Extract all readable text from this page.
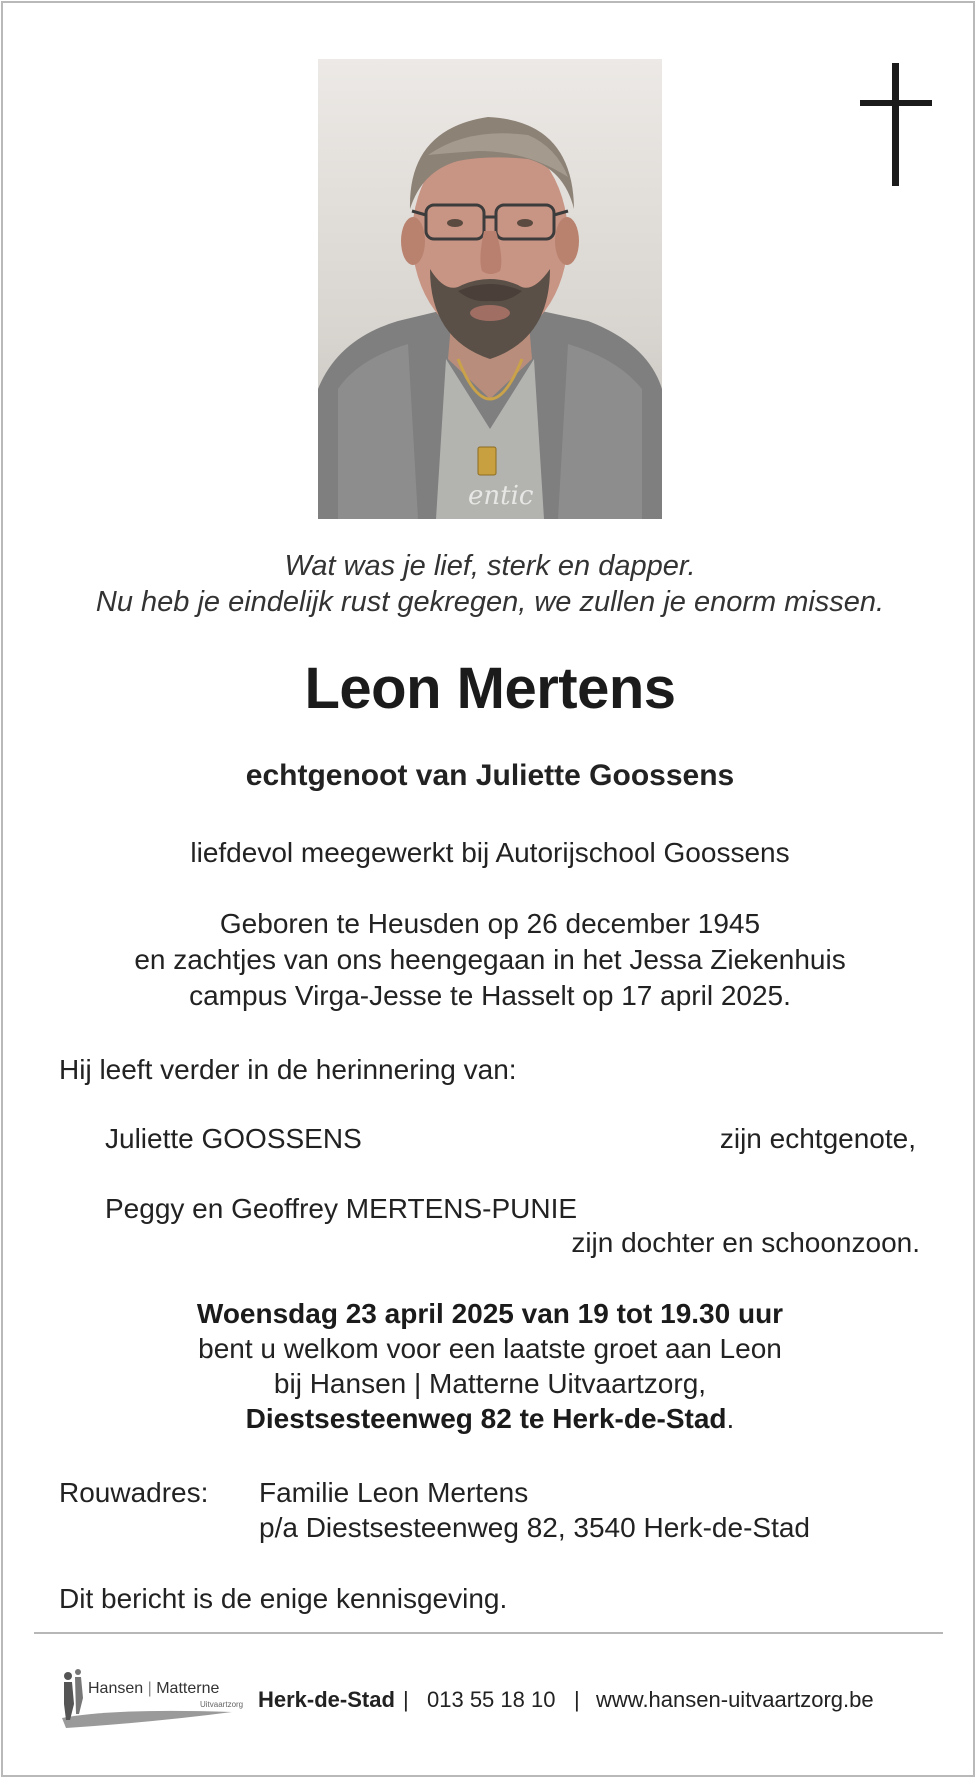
entic
Wat was je lief, sterk en dapper.
Nu heb je eindelijk rust gekregen, we zullen je enorm missen.
Leon Mertens
echtgenoot van Juliette Goossens
liefdevol meegewerkt bij Autorijschool Goossens
Geboren te Heusden op 26 december 1945
en zachtjes van ons heengegaan in het Jessa Ziekenhuis
campus Virga-Jesse te Hasselt op 17 april 2025.
Hij leeft verder in de herinnering van:
Juliette GOOSSENS	zijn echtgenote,
Peggy en Geoffrey MERTENS-PUNIE
zijn dochter en schoonzoon.
Woensdag 23 april 2025 van 19 tot 19.30 uur
bent u welkom voor een laatste groet aan Leon
bij Hansen | Matterne Uitvaartzorg,
Diestsesteenweg 82 te Herk-de-Stad.
Rouwadres: Familie Leon Mertens
p/a Diestsesteenweg 82, 3540 Herk-de-Stad
Dit bericht is de enige kennisgeving.
Hansen | Matterne
Uitvaartzorg Herk-de-Stad | 013 55 18 10 | www.hansen-uitvaartzorg.be
